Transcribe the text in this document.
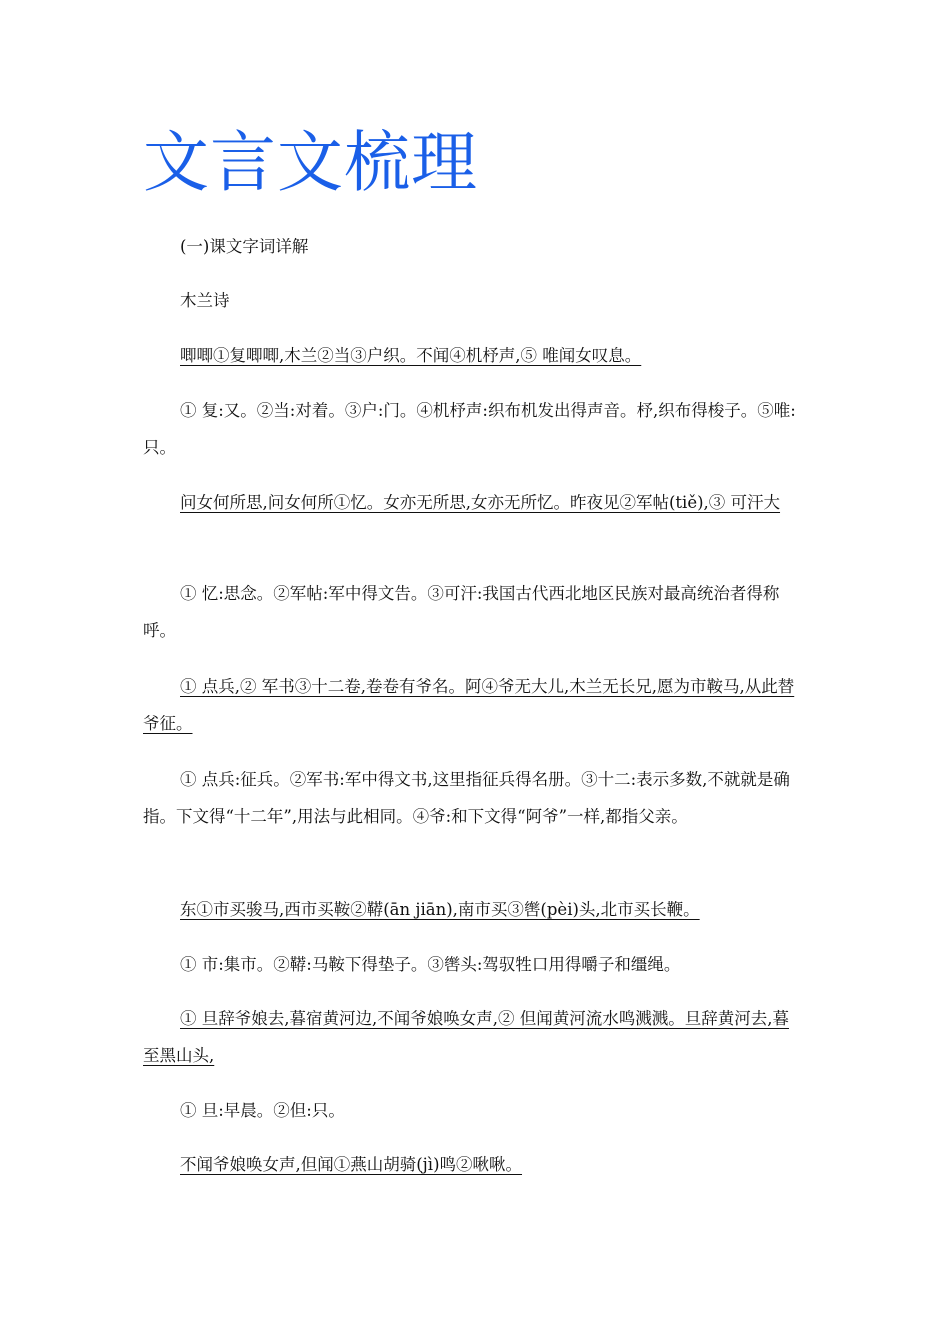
文言文梳理

(一)课文字词详解

木兰诗

唧唧①复唧唧,木兰②当③户织。不闻④机杼声,⑤ 唯闻女叹息。

① 复:又。②当:对着。③户:门。④机杼声:织布机发出得声音。杼,织布得梭子。⑤唯:只。

问女何所思,问女何所①忆。女亦无所思,女亦无所忆。昨夜见②军帖(tiě),③ 可汗大

① 忆:思念。②军帖:军中得文告。③可汗:我国古代西北地区民族对最高统治者得称呼。

① 点兵,② 军书③十二卷,卷卷有爷名。阿④爷无大儿,木兰无长兄,愿为市鞍马,从此替爷征。

① 点兵:征兵。②军书:军中得文书,这里指征兵得名册。③十二:表示多数,不就就是确指。下文得“十二年”,用法与此相同。④爷:和下文得“阿爷”一样,都指父亲。

东①市买骏马,西市买鞍②鞯(ān jiān),南市买③辔(pèi)头,北市买长鞭。

① 市:集市。②鞯:马鞍下得垫子。③辔头:驾驭牲口用得嚼子和缰绳。

① 旦辞爷娘去,暮宿黄河边,不闻爷娘唤女声,② 但闻黄河流水鸣溅溅。旦辞黄河去,暮至黑山头,

① 旦:早晨。②但:只。

不闻爷娘唤女声,但闻①燕山胡骑(jì)鸣②啾啾。
